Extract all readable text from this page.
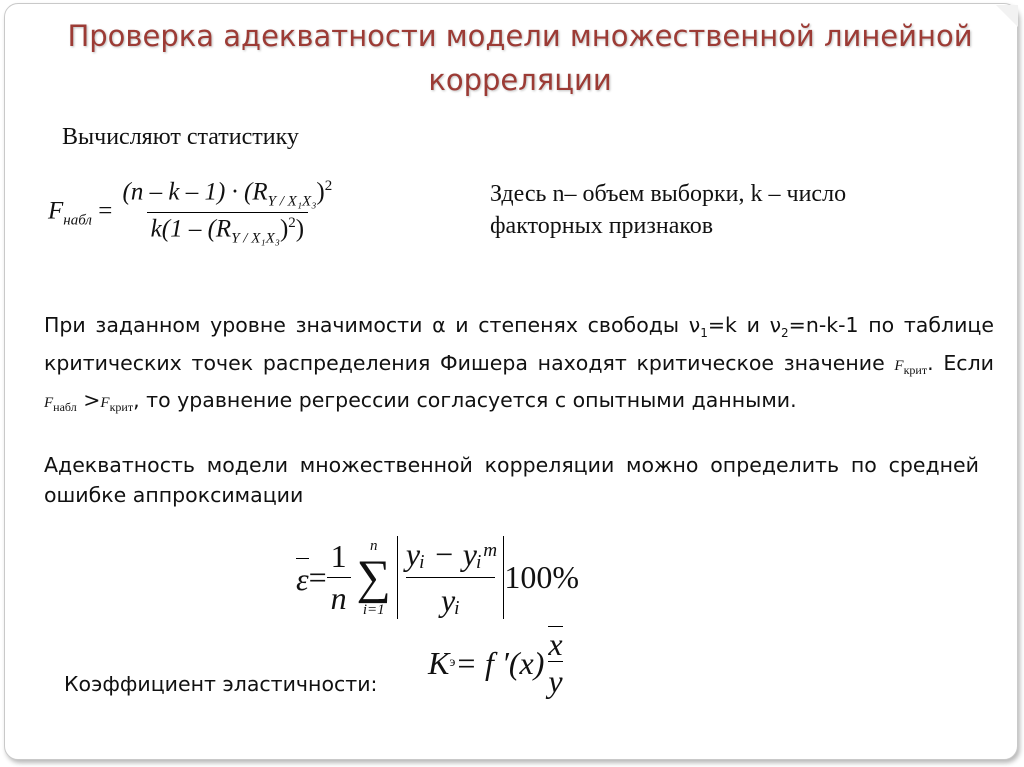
Проверка адекватности модели множественной линейной корреляции
Вычисляют статистику
$F_{набл} = \frac{(n - k - 1) \cdot (R_{Y / X_1X_3})^2}{k(1 - (R_{Y / X_1X_3})^2)}$	Здесь n– объем выборки, k – число факторных признаков
При заданном уровне значимости α и степенях свободы $\nu_1=k$ и $\nu_2=n-k-1$ по таблице критических точек распределения Фишера находят критическое значение $F_{крит}$. Если $F_{набл} >F_{крит}$, то уравнение регрессии согласуется с опытными данными.
Адекватность модели множественной корреляции можно определить по средней ошибке аппроксимации
$\varepsilon = \frac{1}{n}$ n
∑
$i=1 \frac{\text{yᵢ − yᵢᵐ}}{\text{yᵢ}} 100\%$
Коэффициент эластичности:
K э = f ′(x)
x
y
